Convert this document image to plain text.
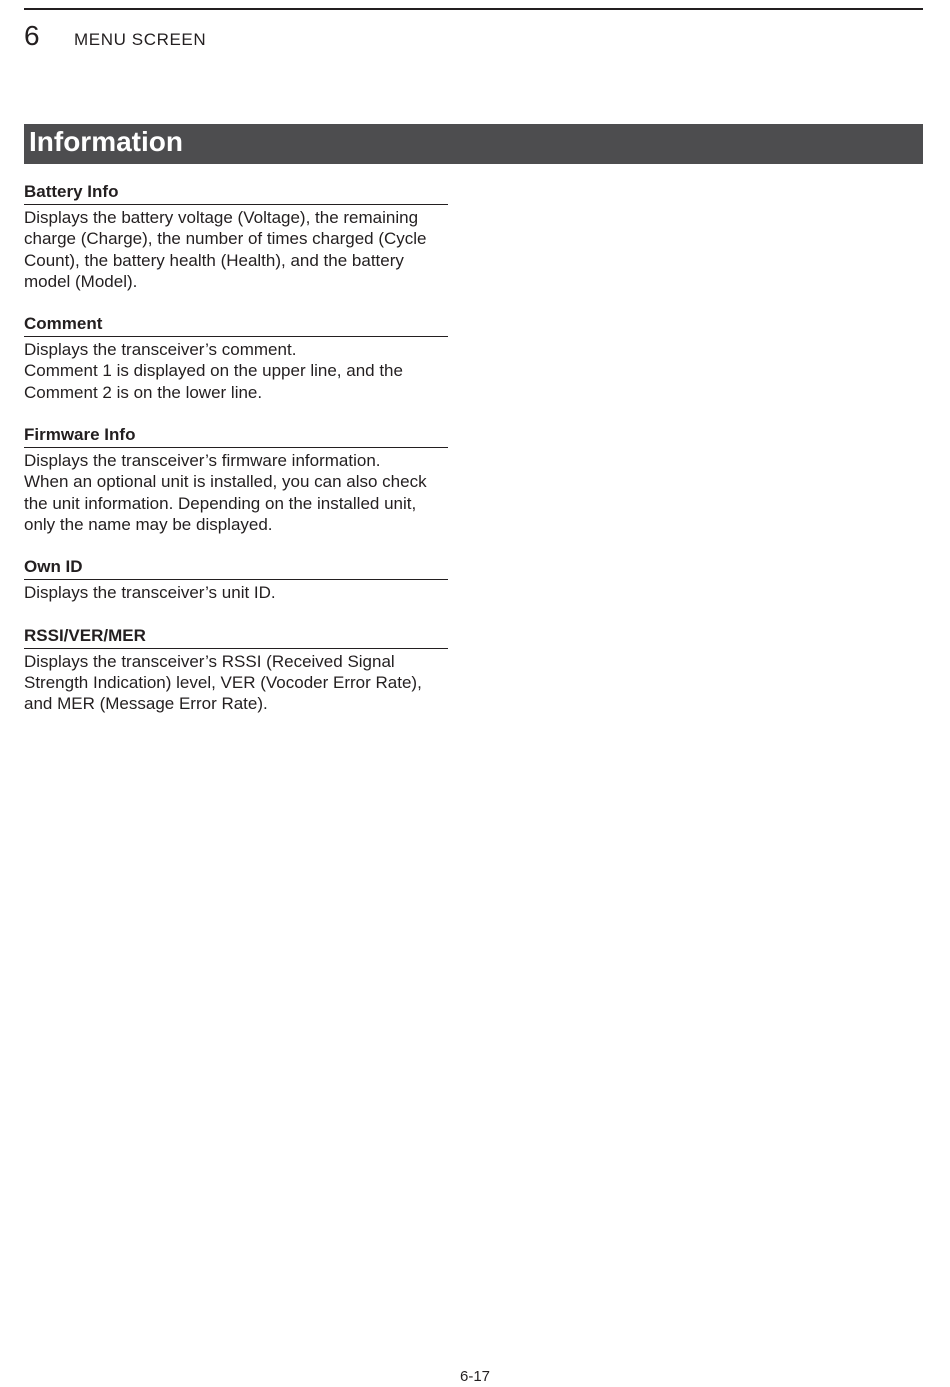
6 MENU SCREEN
Information
Battery Info
Displays the battery voltage (Voltage), the remaining
charge (Charge), the number of times charged (Cycle
Count), the battery health (Health), and the battery
model (Model).
Comment
Displays the transceiver’s comment.
Comment 1 is displayed on the upper line, and the
Comment 2 is on the lower line.
Firmware Info
Displays the transceiver’s firmware information.
When an optional unit is installed, you can also check
the unit information. Depending on the installed unit,
only the name may be displayed.
Own ID
Displays the transceiver’s unit ID.
RSSI/VER/MER
Displays the transceiver’s RSSI (Received Signal
Strength Indication) level, VER (Vocoder Error Rate),
and MER (Message Error Rate).
6-17
